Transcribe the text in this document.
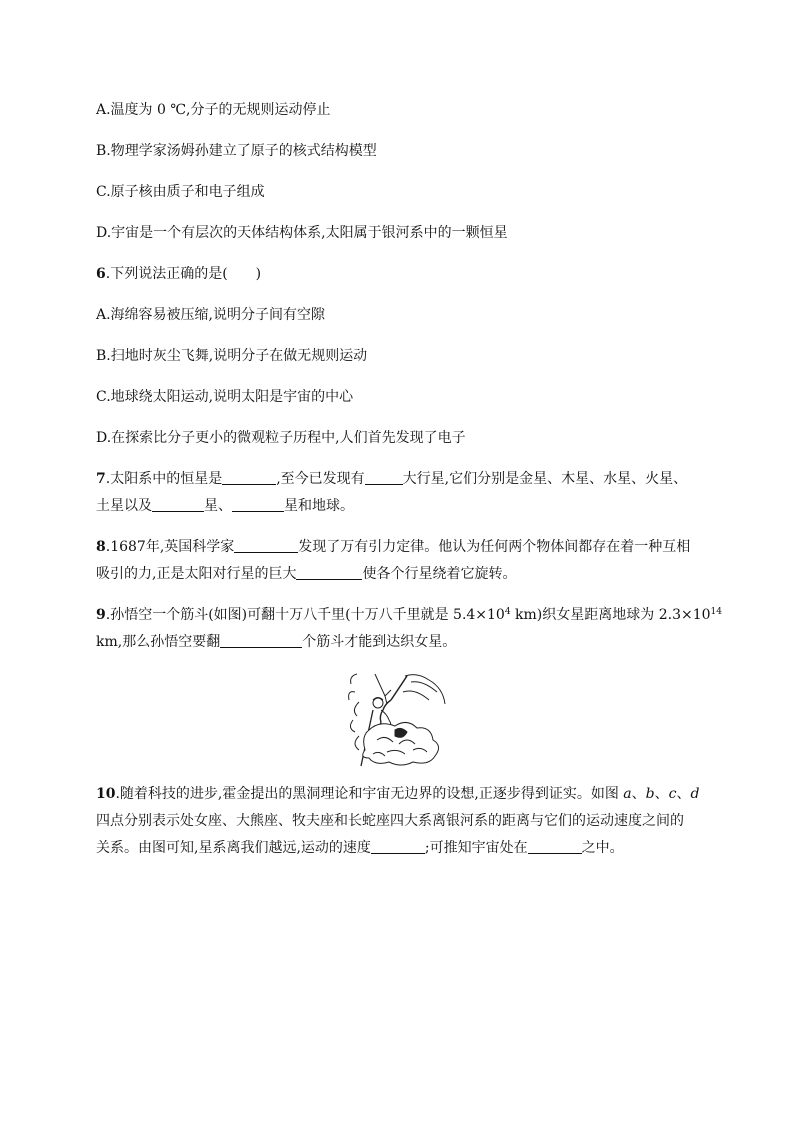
A.温度为 0 ℃,分子的无规则运动停止
B.物理学家汤姆孙建立了原子的核式结构模型
C.原子核由质子和电子组成
D.宇宙是一个有层次的天体结构体系,太阳属于银河系中的一颗恒星
6.下列说法正确的是(　　)
A.海绵容易被压缩,说明分子间有空隙
B.扫地时灰尘飞舞,说明分子在做无规则运动
C.地球绕太阳运动,说明太阳是宇宙的中心
D.在探索比分子更小的微观粒子历程中,人们首先发现了电子
7.太阳系中的恒星是	,至今已发现有	大行星,它们分别是金星、木星、水星、火星、
土星以及	星、	星和地球。
8.1687年,英国科学家	发现了万有引力定律。他认为任何两个物体间都存在着一种互相
吸引的力,正是太阳对行星的巨大	使各个行星绕着它旋转。
9.孙悟空一个筋斗(如图)可翻十万八千里(十万八千里就是 $5.4\times 10^4$ km)织女星距离地球为 $2.3\times 10^{14}$
km,那么孙悟空要翻	个筋斗才能到达织女星。
10.随着科技的进步,霍金提出的黑洞理论和宇宙无边界的设想,正逐步得到证实。如图 a、b、c、d
四点分别表示处女座、大熊座、牧夫座和长蛇座四大系离银河系的距离与它们的运动速度之间的
关系。由图可知,星系离我们越远,运动的速度	;可推知宇宙处在	之中。
